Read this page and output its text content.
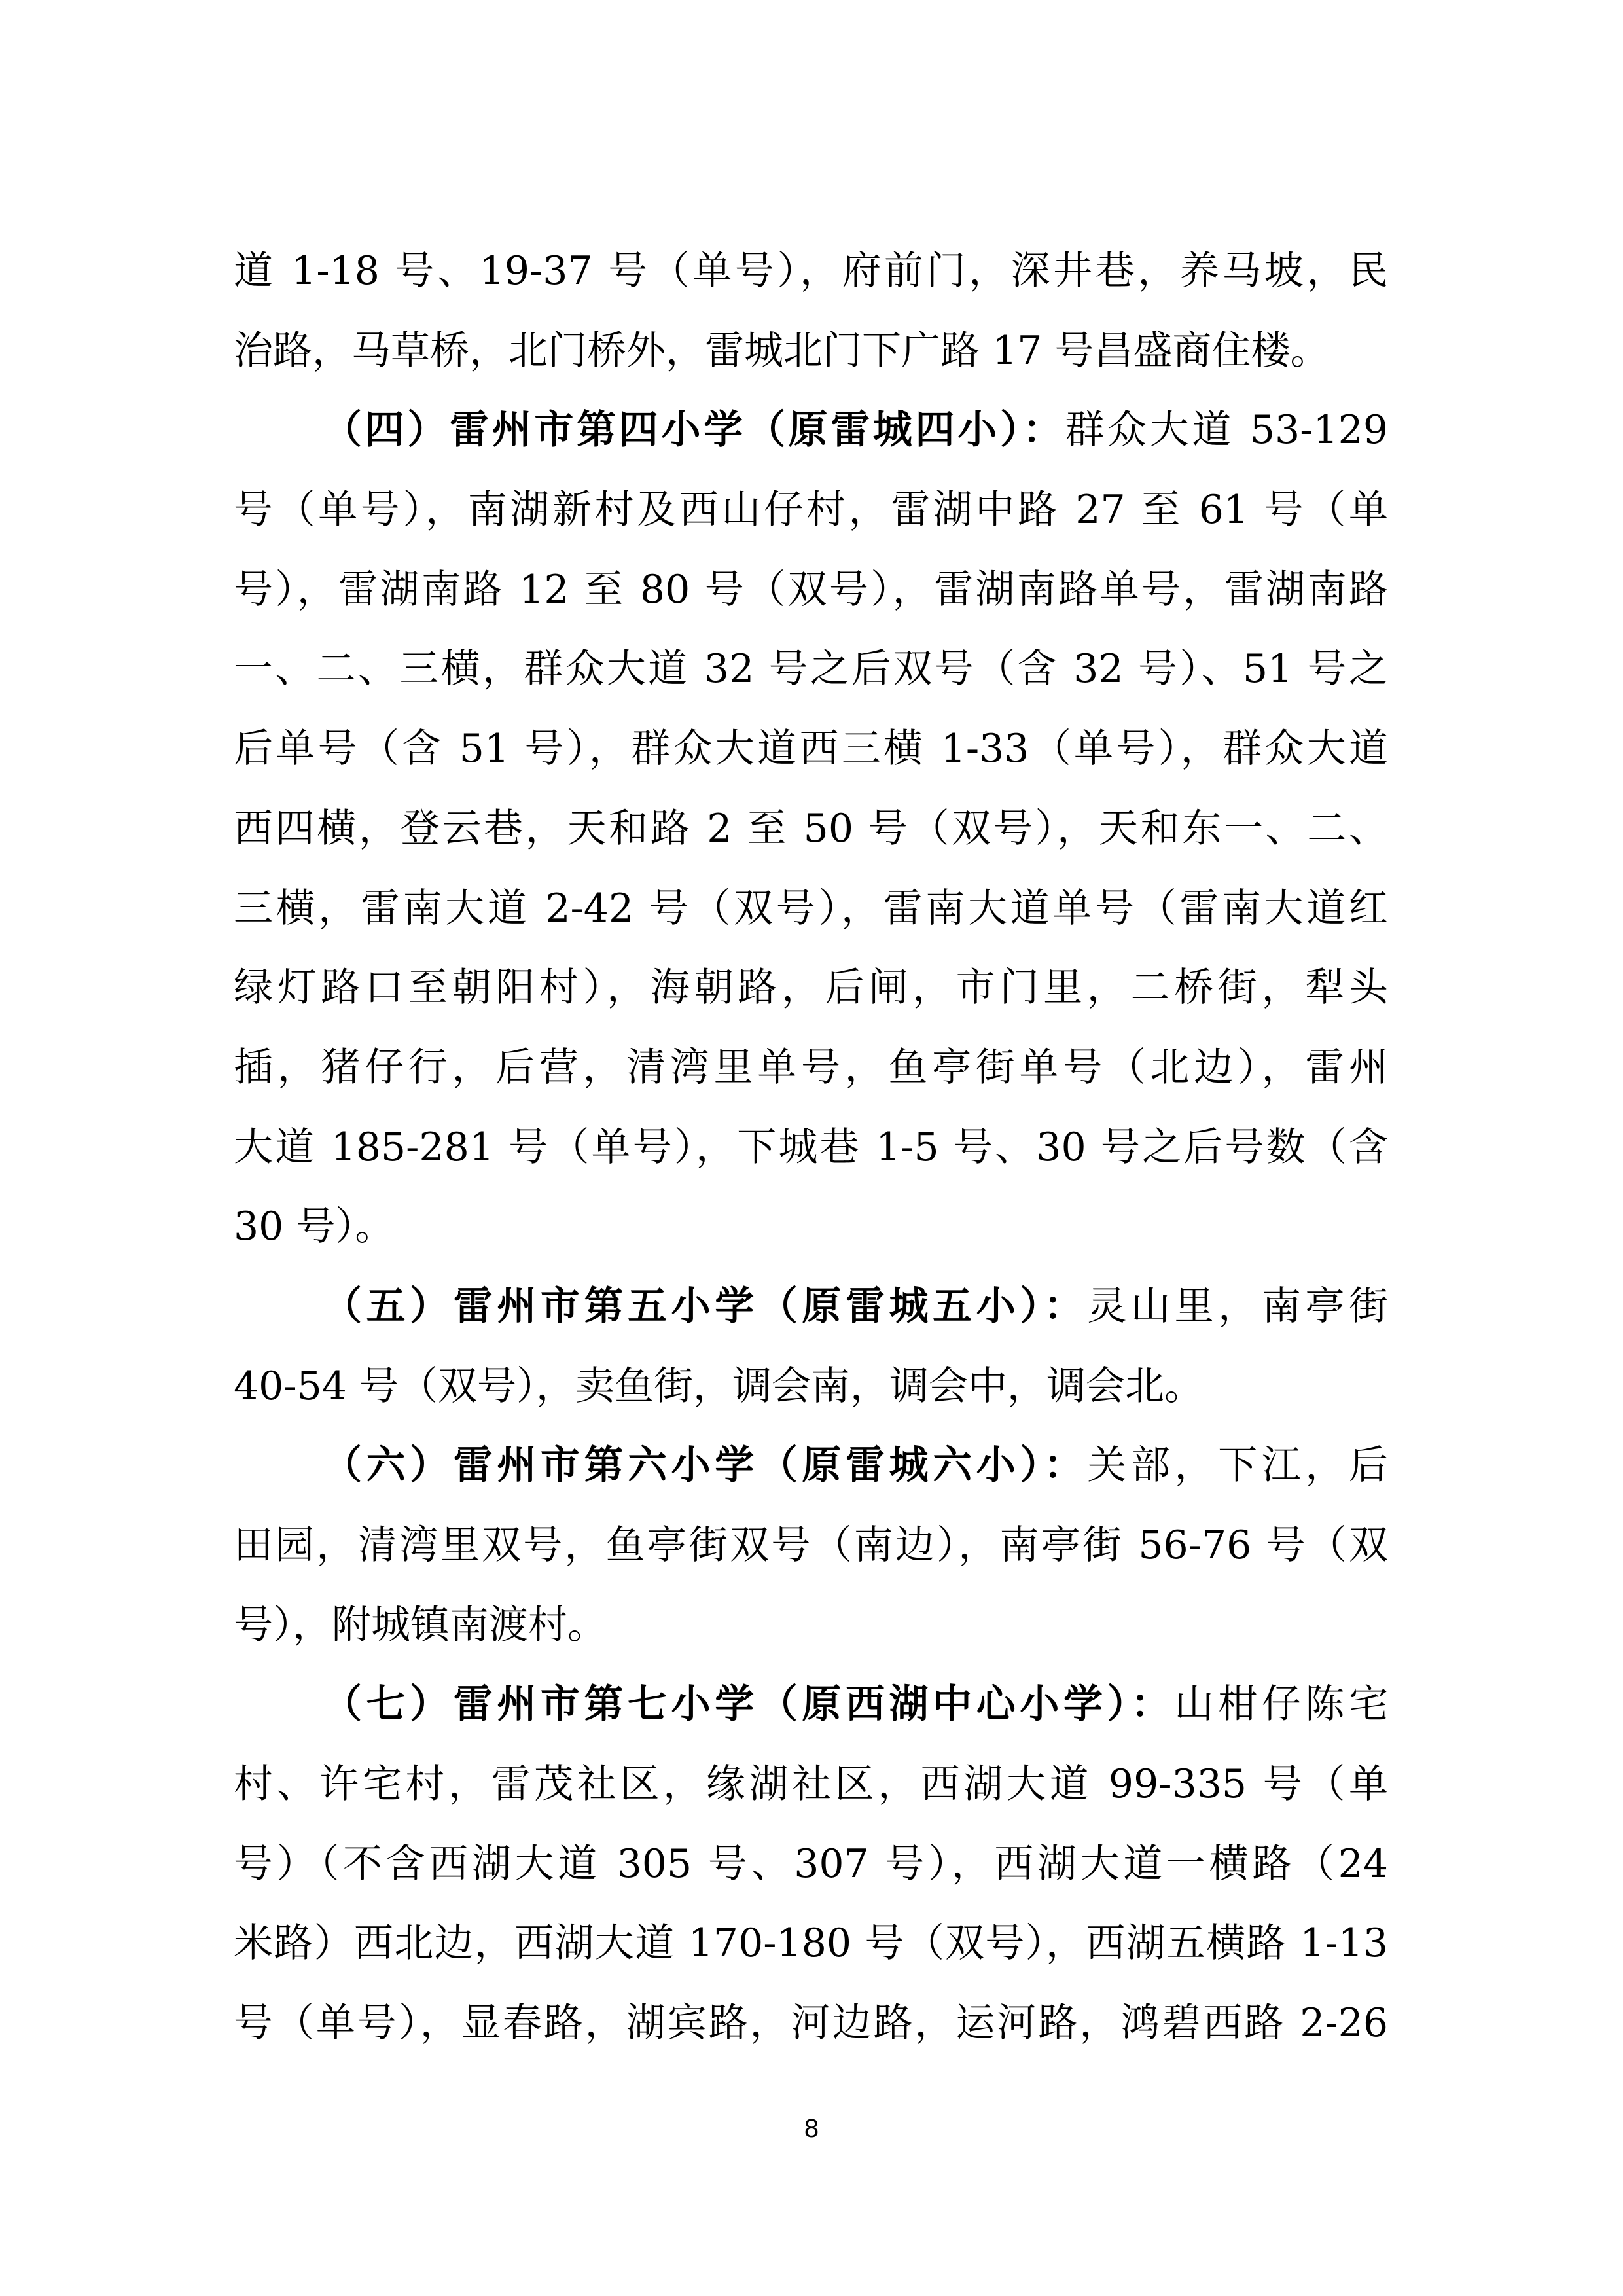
道 1-18 号、19-37 号（单号），府前门，深井巷，养马坡，民
治路，马草桥，北门桥外，雷城北门下广路 17 号昌盛商住楼。
（四）雷州市第四小学（原雷城四小）：群众大道 53-129
号（单号），南湖新村及西山仔村，雷湖中路 27 至 61 号（单
号），雷湖南路 12 至 80 号（双号），雷湖南路单号，雷湖南路
一、二、三横，群众大道 32 号之后双号（含 32 号）、51 号之
后单号（含 51 号），群众大道西三横 1-33（单号），群众大道
西四横，登云巷，天和路 2 至 50 号（双号），天和东一、二、
三横，雷南大道 2-42 号（双号），雷南大道单号（雷南大道红
绿灯路口至朝阳村），海朝路，后闸，市门里，二桥街，犁头
插，猪仔行，后营，清湾里单号，鱼亭街单号（北边），雷州
大道 185-281 号（单号），下城巷 1-5 号、30 号之后号数（含
30 号）。
（五）雷州市第五小学（原雷城五小）：灵山里，南亭街
40-54 号（双号），卖鱼街，调会南，调会中，调会北。
（六）雷州市第六小学（原雷城六小）：关部，下江，后
田园，清湾里双号，鱼亭街双号（南边），南亭街 56-76 号（双
号），附城镇南渡村。
（七）雷州市第七小学（原西湖中心小学）：山柑仔陈宅
村、许宅村，雷茂社区，缘湖社区，西湖大道 99-335 号（单
号）（不含西湖大道 305 号、307 号），西湖大道一横路（24
米路）西北边，西湖大道 170-180 号（双号），西湖五横路 1-13
号（单号），显春路，湖宾路，河边路，运河路，鸿碧西路 2-26
8
